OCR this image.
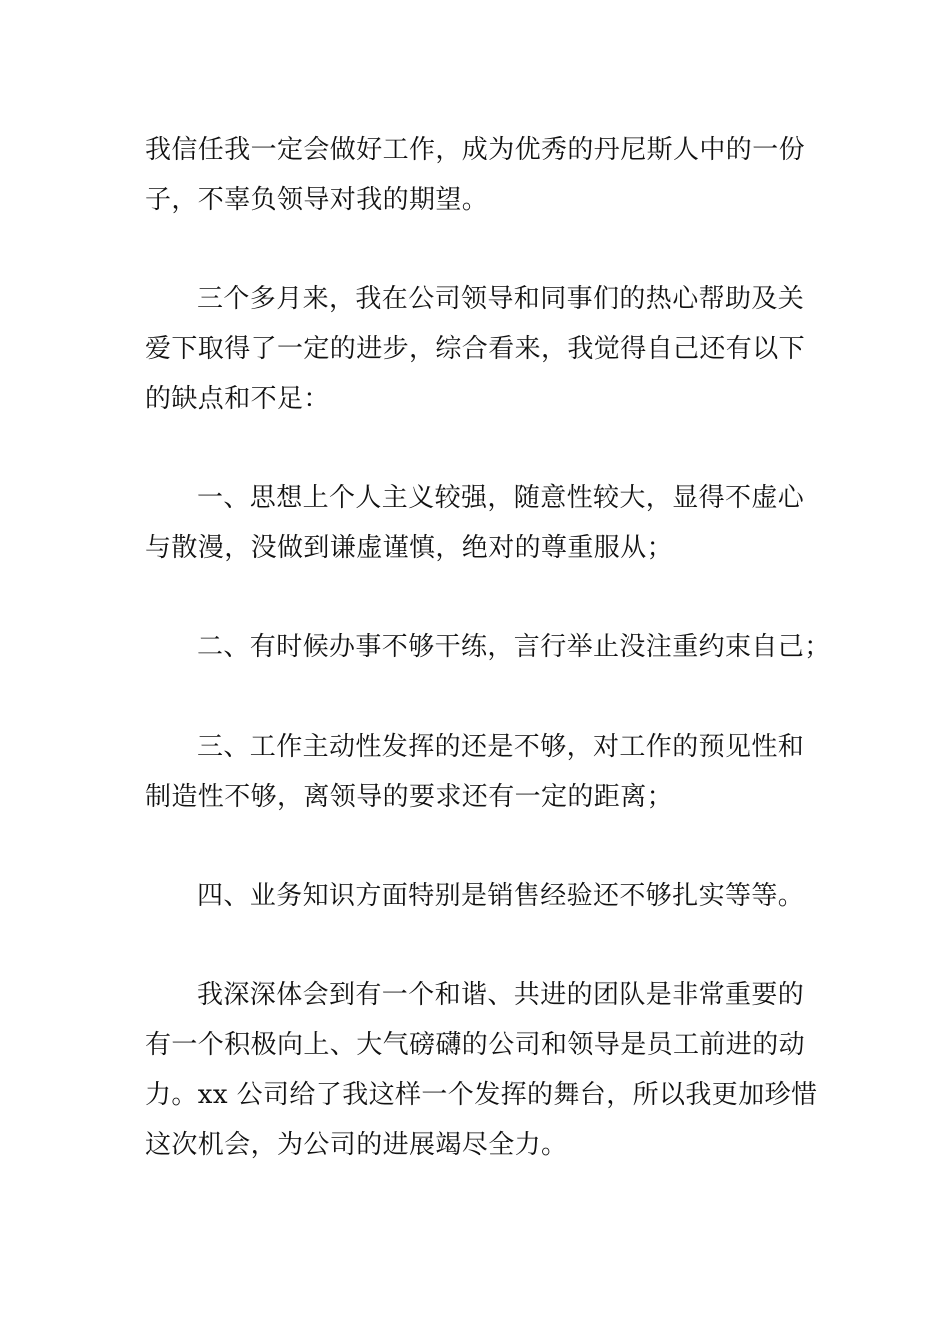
我信任我一定会做好工作，成为优秀的丹尼斯人中的一份
子，不辜负领导对我的期望。
三个多月来，我在公司领导和同事们的热心帮助及关
爱下取得了一定的进步，综合看来，我觉得自己还有以下
的缺点和不足：
一、思想上个人主义较强，随意性较大，显得不虚心
与散漫，没做到谦虚谨慎，绝对的尊重服从；
二、有时候办事不够干练，言行举止没注重约束自己；
三、工作主动性发挥的还是不够，对工作的预见性和
制造性不够，离领导的要求还有一定的距离；
四、业务知识方面特别是销售经验还不够扎实等等。
我深深体会到有一个和谐、共进的团队是非常重要的
有一个积极向上、大气磅礴的公司和领导是员工前进的动
力。xx 公司给了我这样一个发挥的舞台，所以我更加珍惜
这次机会，为公司的进展竭尽全力。
